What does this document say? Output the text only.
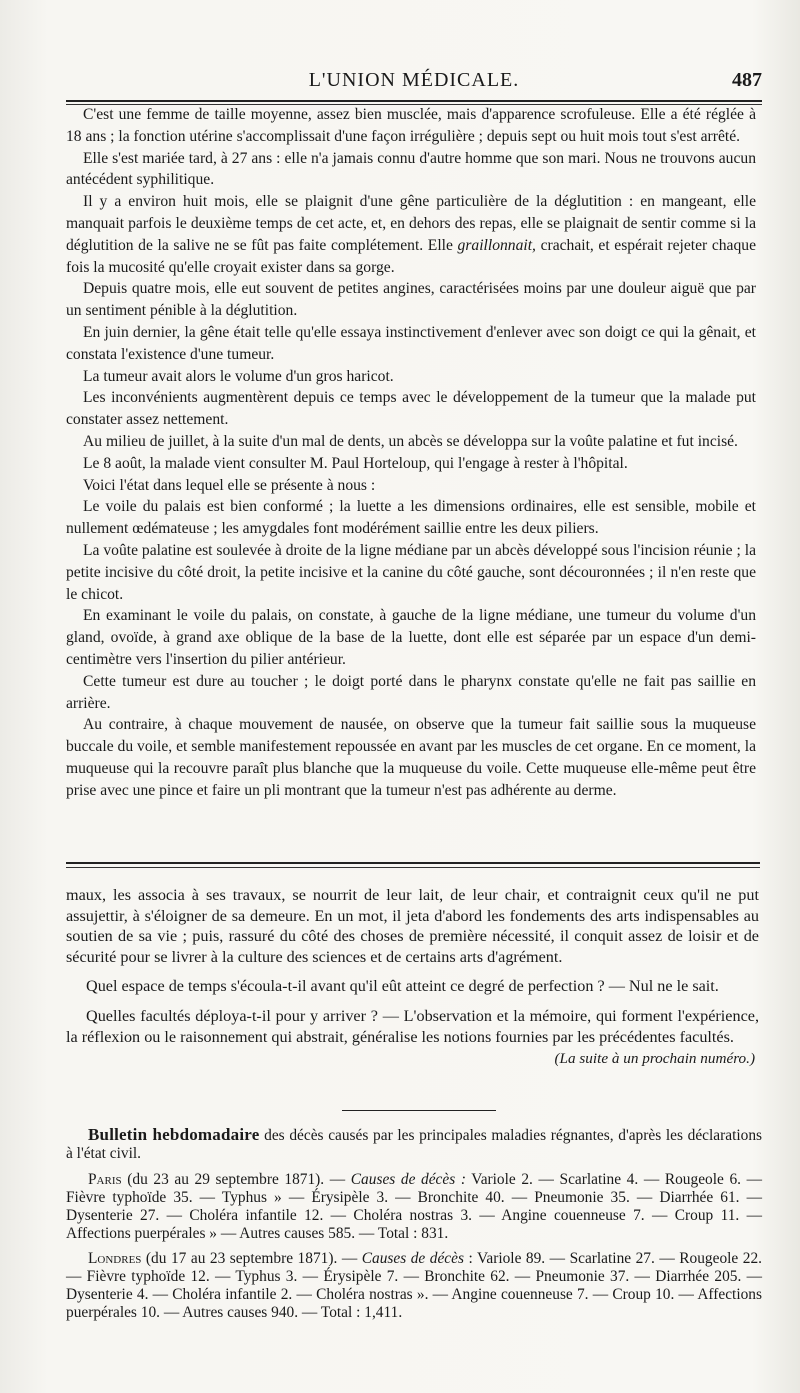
L'UNION MÉDICALE.	487

C'est une femme de taille moyenne, assez bien musclée, mais d'apparence scrofuleuse. Elle a été réglée à 18 ans ; la fonction utérine s'accomplissait d'une façon irrégulière ; depuis sept ou huit mois tout s'est arrêté.

Elle s'est mariée tard, à 27 ans : elle n'a jamais connu d'autre homme que son mari. Nous ne trouvons aucun antécédent syphilitique.

Il y a environ huit mois, elle se plaignit d'une gêne particulière de la déglutition : en mangeant, elle manquait parfois le deuxième temps de cet acte, et, en dehors des repas, elle se plaignait de sentir comme si la déglutition de la salive ne se fût pas faite complétement. Elle graillonnait, crachait, et espérait rejeter chaque fois la mucosité qu'elle croyait exister dans sa gorge.

Depuis quatre mois, elle eut souvent de petites angines, caractérisées moins par une douleur aiguë que par un sentiment pénible à la déglutition.

En juin dernier, la gêne était telle qu'elle essaya instinctivement d'enlever avec son doigt ce qui la gênait, et constata l'existence d'une tumeur.

La tumeur avait alors le volume d'un gros haricot.

Les inconvénients augmentèrent depuis ce temps avec le développement de la tumeur que la malade put constater assez nettement.

Au milieu de juillet, à la suite d'un mal de dents, un abcès se développa sur la voûte palatine et fut incisé.

Le 8 août, la malade vient consulter M. Paul Horteloup, qui l'engage à rester à l'hôpital.

Voici l'état dans lequel elle se présente à nous :

Le voile du palais est bien conformé ; la luette a les dimensions ordinaires, elle est sensible, mobile et nullement œdémateuse ; les amygdales font modérément saillie entre les deux piliers.

La voûte palatine est soulevée à droite de la ligne médiane par un abcès développé sous l'incision réunie ; la petite incisive du côté droit, la petite incisive et la canine du côté gauche, sont découronnées ; il n'en reste que le chicot.

En examinant le voile du palais, on constate, à gauche de la ligne médiane, une tumeur du volume d'un gland, ovoïde, à grand axe oblique de la base de la luette, dont elle est séparée par un espace d'un demi-centimètre vers l'insertion du pilier antérieur.

Cette tumeur est dure au toucher ; le doigt porté dans le pharynx constate qu'elle ne fait pas saillie en arrière.

Au contraire, à chaque mouvement de nausée, on observe que la tumeur fait saillie sous la muqueuse buccale du voile, et semble manifestement repoussée en avant par les muscles de cet organe. En ce moment, la muqueuse qui la recouvre paraît plus blanche que la muqueuse du voile. Cette muqueuse elle-même peut être prise avec une pince et faire un pli montrant que la tumeur n'est pas adhérente au derme.

maux, les associa à ses travaux, se nourrit de leur lait, de leur chair, et contraignit ceux qu'il ne put assujettir, à s'éloigner de sa demeure. En un mot, il jeta d'abord les fondements des arts indispensables au soutien de sa vie ; puis, rassuré du côté des choses de première nécessité, il conquit assez de loisir et de sécurité pour se livrer à la culture des sciences et de certains arts d'agrément.

Quel espace de temps s'écoula-t-il avant qu'il eût atteint ce degré de perfection ? — Nul ne le sait.

Quelles facultés déploya-t-il pour y arriver ? — L'observation et la mémoire, qui forment l'expérience, la réflexion ou le raisonnement qui abstrait, généralise les notions fournies par les précédentes facultés.

(La suite à un prochain numéro.)

Bulletin hebdomadaire des décès causés par les principales maladies régnantes, d'après les déclarations à l'état civil.

Paris (du 23 au 29 septembre 1871). — Causes de décès : Variole 2. — Scarlatine 4. — Rougeole 6. — Fièvre typhoïde 35. — Typhus » — Érysipèle 3. — Bronchite 40. — Pneumonie 35. — Diarrhée 61. — Dysenterie 27. — Choléra infantile 12. — Choléra nostras 3. — Angine couenneuse 7. — Croup 11. — Affections puerpérales » — Autres causes 585. — Total : 831.

Londres (du 17 au 23 septembre 1871). — Causes de décès : Variole 89. — Scarlatine 27. — Rougeole 22. — Fièvre typhoïde 12. — Typhus 3. — Érysipèle 7. — Bronchite 62. — Pneumonie 37. — Diarrhée 205. — Dysenterie 4. — Choléra infantile 2. — Choléra nostras ». — Angine couenneuse 7. — Croup 10. — Affections puerpérales 10. — Autres causes 940. — Total : 1,411.
